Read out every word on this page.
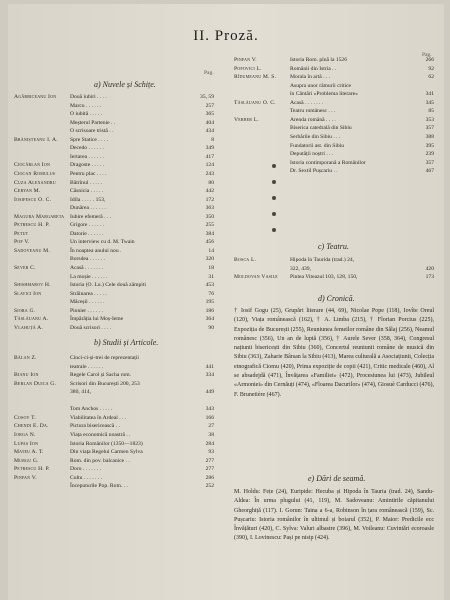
II. Proză.
Pag.
Pag.
a) Nuvele și Schițe.
Agârbiceanu Ion	Două iubiri . . . .	35, 59
Marcu . . . . . .	257
O iubită . . . . .	365
Meșterul Parteniе . .	404
O scrisoare tristă . .	434
Brănișteanu I. A.	Spre Statice . . . .	8
Decedo . . . . . .	349
Iertarea . . . . . .	417
Ciocârlan Ion	Dragoste . . . . .	124
Ciocan Romulus	Pentru plac . . . .	243
Cuza Alexandru	Bătrînul . . . . .	80
Ceryan M.	Căsnicia . . . . .	442
Iosifescu O. C.	Idila . . . . . 153,	172
Dunărea . . . . . .	363
Magura Margareta	Iubire efemeră . . .	350
Petrescu H. P.	Grigore . . . . . .	255
Petut	Datorie . . . . . .	384
Pop V.	Un interview cu d. M. Twain	456
Sadoveanu M.	În noaptea anului nou .	14
Borsdea . . . . . .	320
Sever C.	Acasă . . . . . . .	18
La moșie . . . . . .	31
Shishmarov H.	Istoria (O. Lu.) Cele două zâmpiti	453
Slavici Ion	Străinarea . . . . .	76
Măceșii . . . . . .	195
Siora G.	Pionier . . . . . .	186
Tăslăuanu A.	Împărăția lui Moș-Ieme	364
Vlahuță A.	Două scrisori . . . .	90
b) Studii și Articole.
Bălan Z.	Cinci-ci-și-trei de reprezentații
teatrale . . . . . .	441
Bianu Ion	Regele Carol și Sacha rom.	334
Berlan Duica G.	Scrisori din București 200, 253
380, 414,	449
Tom Anchos . . . . .	343
Cosoy T.	Viabilitatea în Ardeal . . .	166
Chendi E. Da.	Pictura bisericească . .	27
Iorga N.	Viața economică noastră . .	38
Lupas Ion	Istoria Românilor (1350—1823)	284
Mateu A. T.	Din viața Regelui Carmen Sylva	93
Murgu G.	Rom. din pov. balcanice . .	277
Petrescu H. P.	Doru . . . . . . .	277
Pinfan V.	Cultu . . . . . . .	286
Începuturile Pop. Rom. . .	252
Pinfan V.	Istoria Rom. pînă la 1526	266
Popovici L.	Românii din Istria . .	92
Rîdumeanu M. S.	Morala în artă . . .	62
Asupra unor rămurii critice
în Cântări «Problema literare»	341
Tăslăuanu O. C.	Acasă . . . . . . .	345
Teatru românesc . . .	85
Verber L.	Arenda română . . . .	353
Biserica catedrală din Sibiu	357
Serbările din Sibiu . . .	388
Fundatorii ast. din Sibiu	395
Deputății noștri . . .	239
Istoria contimporană a Românilor	357
Dr. Sextil Pușcariu . .	467
c) Teatru.
Bosca L.	Hipoda în Taurida (trad.) 24,
322, 439,	420
Moldovan Vasile	Pintea Viteazul 103, 128, 150,	173
d) Cronică.
† Iosif Gogu (25), Grupări literare (44, 69), Nicolae Pope (118), Iovîte Oreul (120), Viața românească (162), † A. Limba (215), † Florian Porcius (225), Expoziția de București (255), Reuniunea femeilor române din Sălaj (256), Neamul românesc (356), Un an de luptă (356), † Aurele Sever (358, 364), Congresul națiunii bisericești din Sibiu (360), Concertul reuniunii române de musică din Sibiu (363), Zaharie Bârsan la Sibiu (413), Marea culturală a Asociațiunii, Colecția etnografică Ciomu (420), Prima expoziție de copii (421), Critic medicale (460), Al se absadejdă (471), Învățarea «Familiei» (472), Procesiunea lui (473), Jubileul «Armoniei» din Cernăuți (474), «Floarea Dacurilor» (474), Giosuè Carducci (476), F. Brunetière (467).
e) Dări de seamă.
M. Holdu: Fețe (24), Euripide: Hecuba și Hipoda în Tauria (trad. 24), Sandu-Aldea: În urma plugului (41, 119), M. Sadoveanu: Amintirile căpitanului Gheorghiță (117). I. Gorun: Taina a 6-a, Robinson în țara românească (159), Sc. Pușcariu: Istoria românilor în ultimul și boiarul (352), P. Maior: Predicile ecc Învățături (420), C. Sylva: Valuri albastre (396), M. Voileanu: Cuvintări ecoroasle (390), I. Lovinescu: Pași pe nisip (424).
